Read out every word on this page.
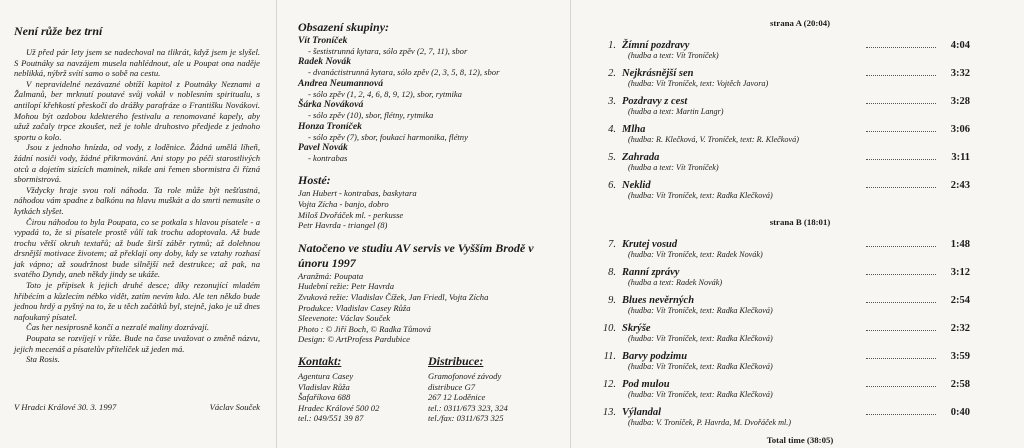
Není růže bez trní

Už před pár lety jsem se nadechoval na tlikrát, když jsem je slyšel. S Poutnáky sa navzájem musela nahlédnout, ale u Poupat ona naděje neblikká, nýbrž svítí samo o sobě na cestu.

V nepravidelné nezávazné obtíží kapitol z Poutnáky Neznami a Žalmanů, ber mrknutí poutavé svůj vokál v noblesním spiritualu, s antilopí křehkostí přeskočí do drážky parafráze o Františku Novákovi. Mohou být ozdobou kdekterého festivalu a renomované kapely, aby užuž začaly trpce zkoušet, než je tohle druhostvo předjede z jednoho sportu o kolo.

Jsou z jednoho hnízda, od vody, z loděnice. Žádná umělá líheň, žádní nosiči vody, žádné přikrmování. Ani stopy po péči starostlivých otců a dojetím sizících maminek, nikde ani řemen sbormistra či řízná sbormistrová.

Vždycky hraje svou roli náhoda. Ta role může být nešťastná, náhodou vám spadne z balkónu na hlavu muškát a do smrti nemusíte o kytkách slyšet.

Čirou náhodou to byla Poupata, co se potkala s hlavou písatele - a vypadá to, že si písatele prostě vůlí tak trochu adoptovala. Až bude trochu větší okruh textařů; až bude širší záběr rytmů; až dolehnou drsnější motivace životem; až překlají ony doby, kdy se vztahy rozhasí jak vápno; až soudržnost bude silnější než destrukce; až pak, na svatého Dyndy, aneb někdy jindy se ukáže.

Toto je přípisek k jejich druhé desce; díky rezonující mladém hřibécím a kůzlecím nébko vidět, zatím nevím kdo. Ale ten někdo bude jednou hrdý a pyšný na to, že u těch začátků byl, stejně, jako je už dnes nafoukaný písatel.

Čas her nesiprosně končí a nezralé maliny dozrávají.

Poupata se rozvíjejí v růže. Bude na čase uvažovat o změně názvu, jejich mecenáš a písatelův přítelíček už jeden má.

Sta Rosis.

V Hradci Králové 30. 3. 1997	Václav Souček
Obsazení skupiny:
Vít Troníček
- šestistrunná kytara, sólo zpěv (2, 7, 11), sbor
Radek Novák
- dvanáctistrunná kytara, sólo zpěv (2, 3, 5, 8, 12), sbor
Andrea Neumannová
- sólo zpěv (1, 2, 4, 6, 8, 9, 12), sbor, rytmika
Šárka Nováková
- sólo zpěv (10), sbor, flétny, rytmika
Honza Troníček
- sólo zpěv (7), sbor, foukací harmonika, flétny
Pavel Novák
- kontrabas
Hosté:
Jan Hubert - kontrabas, baskytara
Vojta Zícha - banjo, dobro
Miloš Dvořáček ml. - perkusse
Petr Havrda - triangel (8)
Natočeno ve studiu AV servis ve Vyšším Brodě v únoru 1997
Aranžmá: Poupata
Hudební režie: Petr Havrda
Zvuková režie: Vladislav Čížek, Jan Friedl, Vojta Zícha
Produkce: Vladislav Casey Růža
Sleevenote: Václav Souček
Photo : © Jiří Boch, © Radka Tůmová
Design: © ArtProfess Pardubice
Kontakt:
Agentura Casey
Vladislav Růža
Šafaříkova 688
Hradec Králové 500 02
tel.: 049/551 39 87
Distribuce:
Gramofonové závody
distribuce G7
267 12 Loděnice
tel.: 0311/673 323, 324
tel./fax: 0311/673 325
strana A (20:04)
1. Žímní pozdravy	4:04
(hudba a text: Vít Troníček)
2. Nejkrásnější sen	3:32
(hudba: Vít Troníček, text: Vojtěch Javora)
3. Pozdravy z cest	3:28
(hudba a text: Martin Langr)
4. Mlha	3:06
(hudba: R. Klečková, V. Troníček, text: R. Klečková)
5. Zahrada	3:11
(hudba a text: Vít Troníček)
6. Neklid	2:43
(hudba: Vít Troníček, text: Radka Klečková)
strana B (18:01)
7. Krutej vosud	1:48
(hudba: Vít Troníček, text: Radek Novák)
8. Ranní zprávy	3:12
(hudba a text: Radek Novák)
9. Blues nevěrných	2:54
(hudba: Vít Troníček, text: Radka Klečková)
10. Skrýše	2:32
(hudba: Vít Troníček, text: Radka Klečková)
11. Barvy podzimu	3:59
(hudba: Vít Troníček, text: Radka Klečková)
12. Pod mulou	2:58
(hudba: Vít Troníček, text: Radka Klečková)
13. Výlandal	0:40
(hudba: V. Troníček, P. Havrda, M. Dvořáček ml.)
Total time (38:05)
